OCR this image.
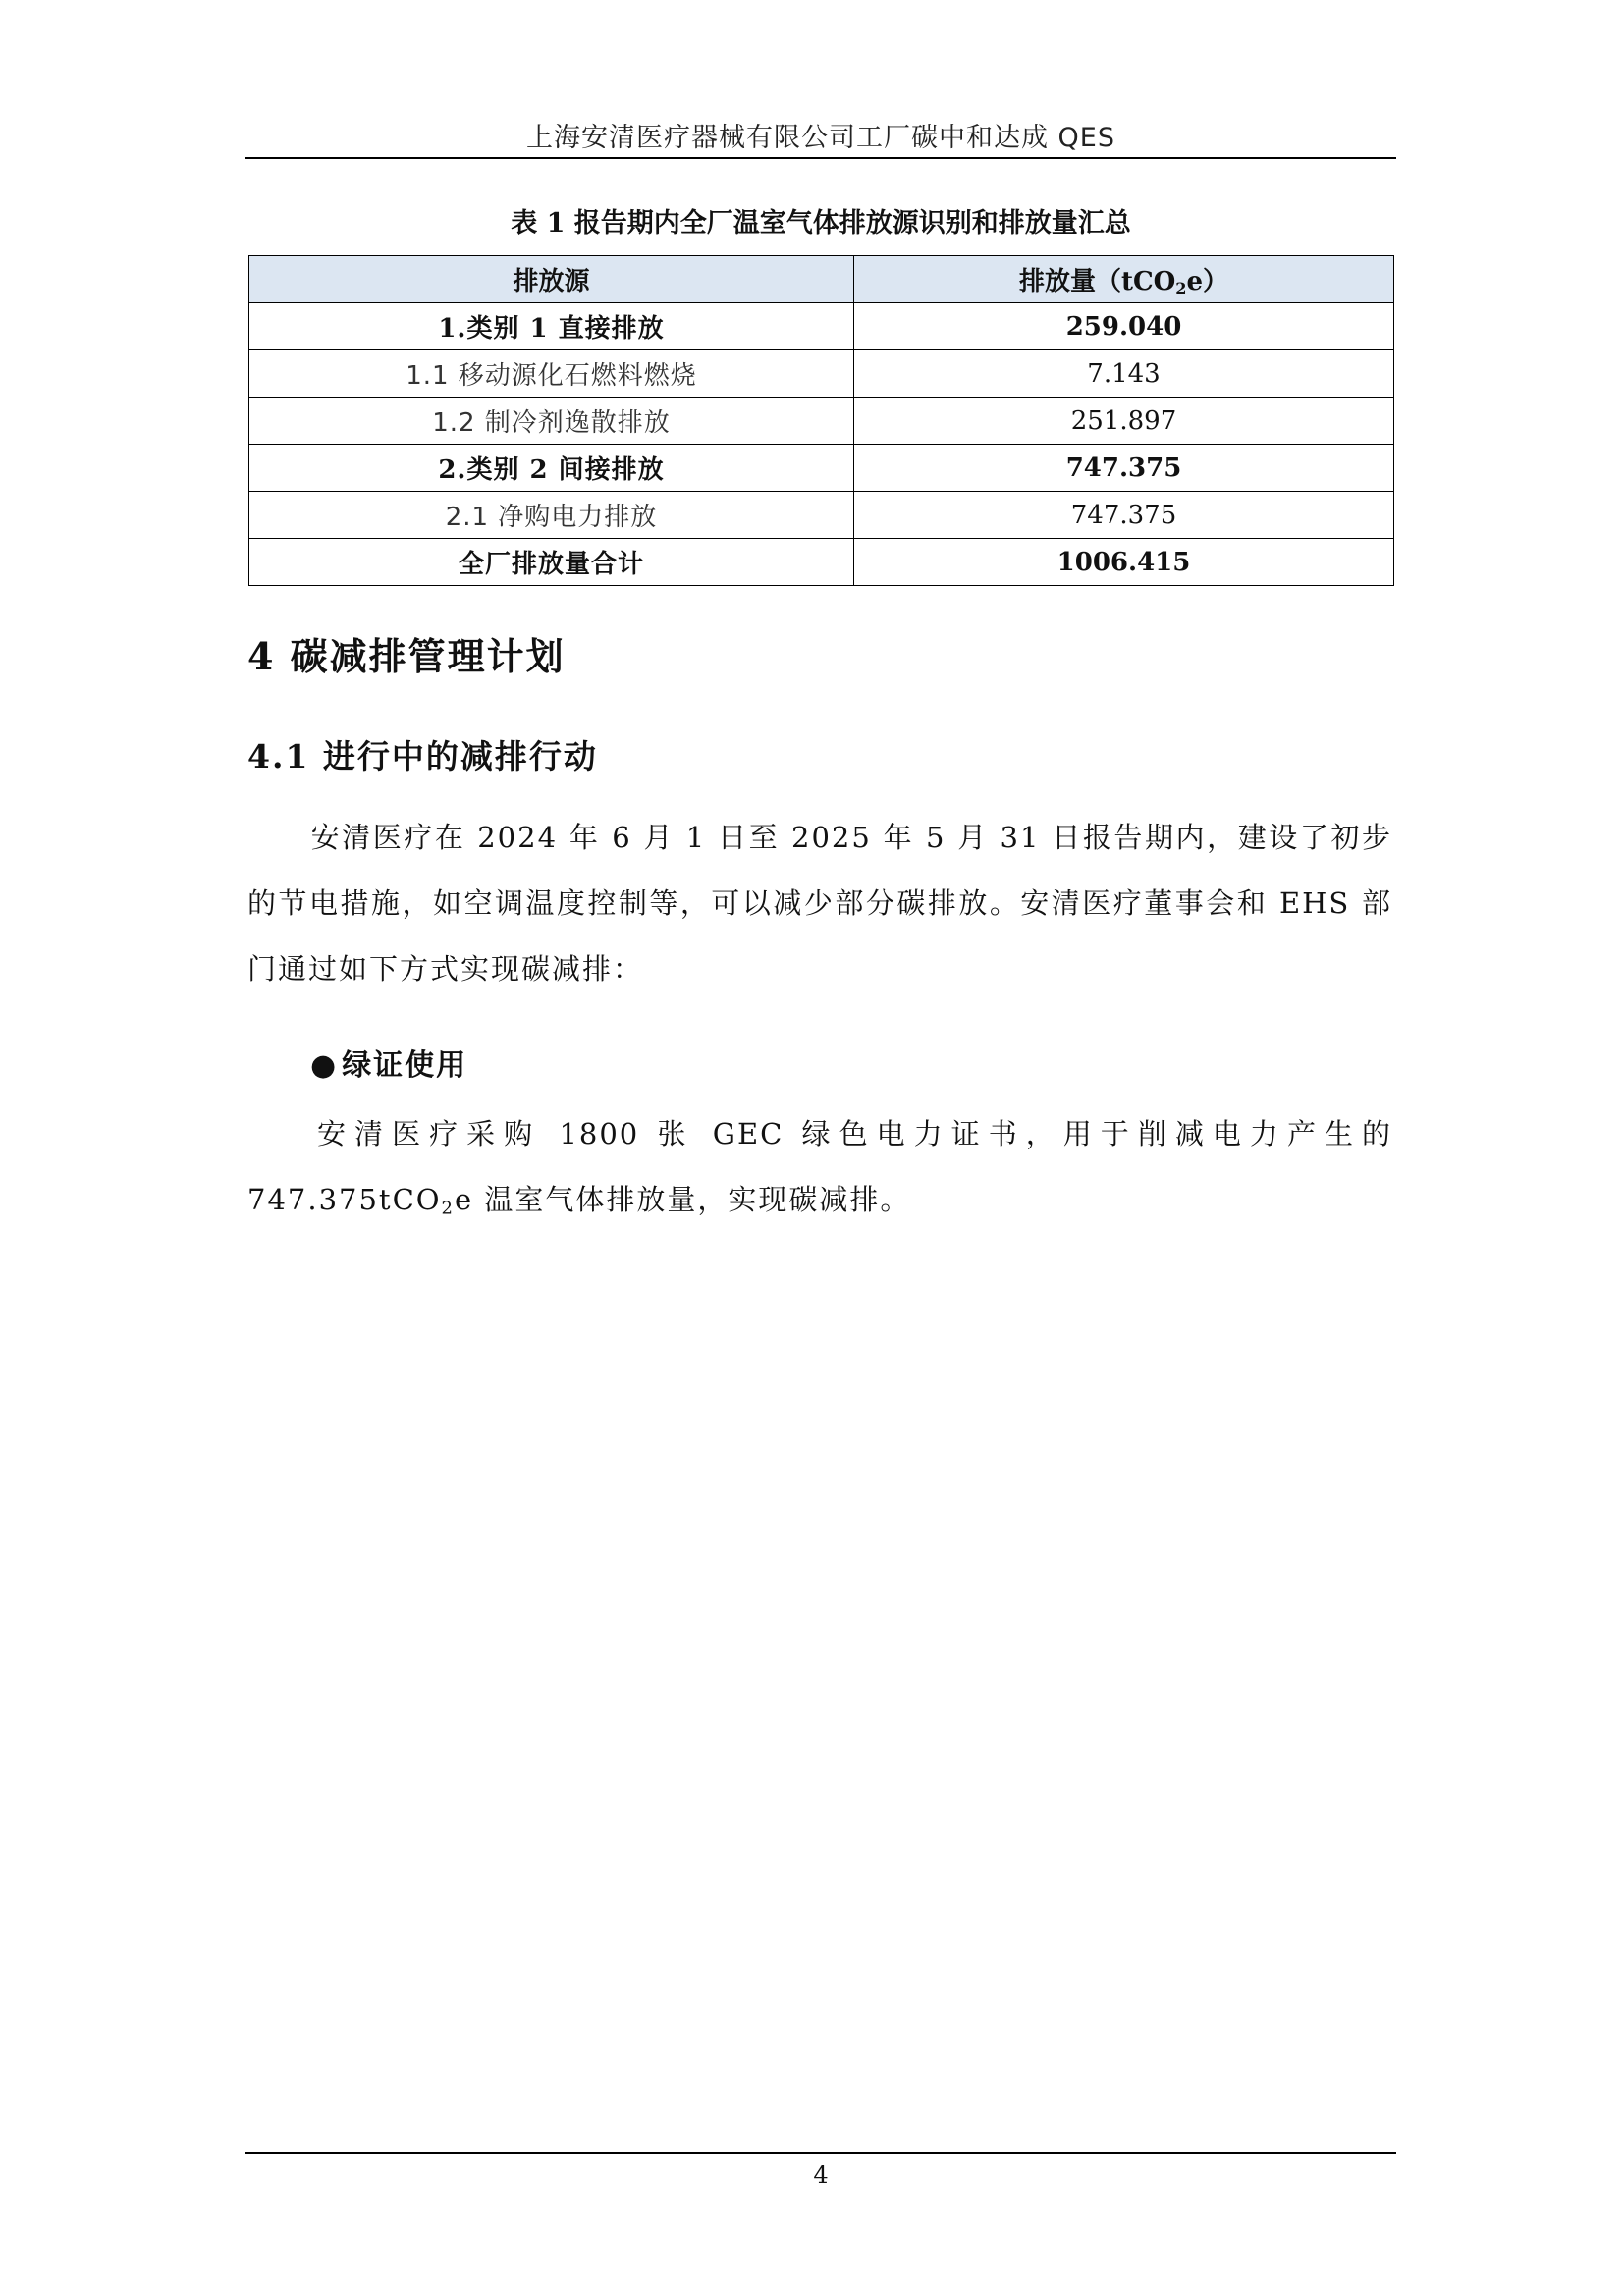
上海安清医疗器械有限公司工厂碳中和达成 QES
表 1 报告期内全厂温室气体排放源识别和排放量汇总
排放源	排放量（tCO$_2$e）
1.类别 1 直接排放	259.040
1.1 移动源化石燃料燃烧	7.143
1.2 制冷剂逸散排放	251.897
2.类别 2 间接排放	747.375
2.1 净购电力排放	747.375
全厂排放量合计	1006.415
4 碳减排管理计划
4.1 进行中的减排行动
安清医疗在 2024 年 6 月 1 日至 2025 年 5 月 31 日报告期内，建设了初步的节电措施，如空调温度控制等，可以减少部分碳排放。安清医疗董事会和 EHS 部门通过如下方式实现碳减排：
● 绿证使用
安清医疗采购 1800 张 GEC 绿色电力证书，用于削减电力产生的 747.375tCO$_2$e 温室气体排放量，实现碳减排。
4
